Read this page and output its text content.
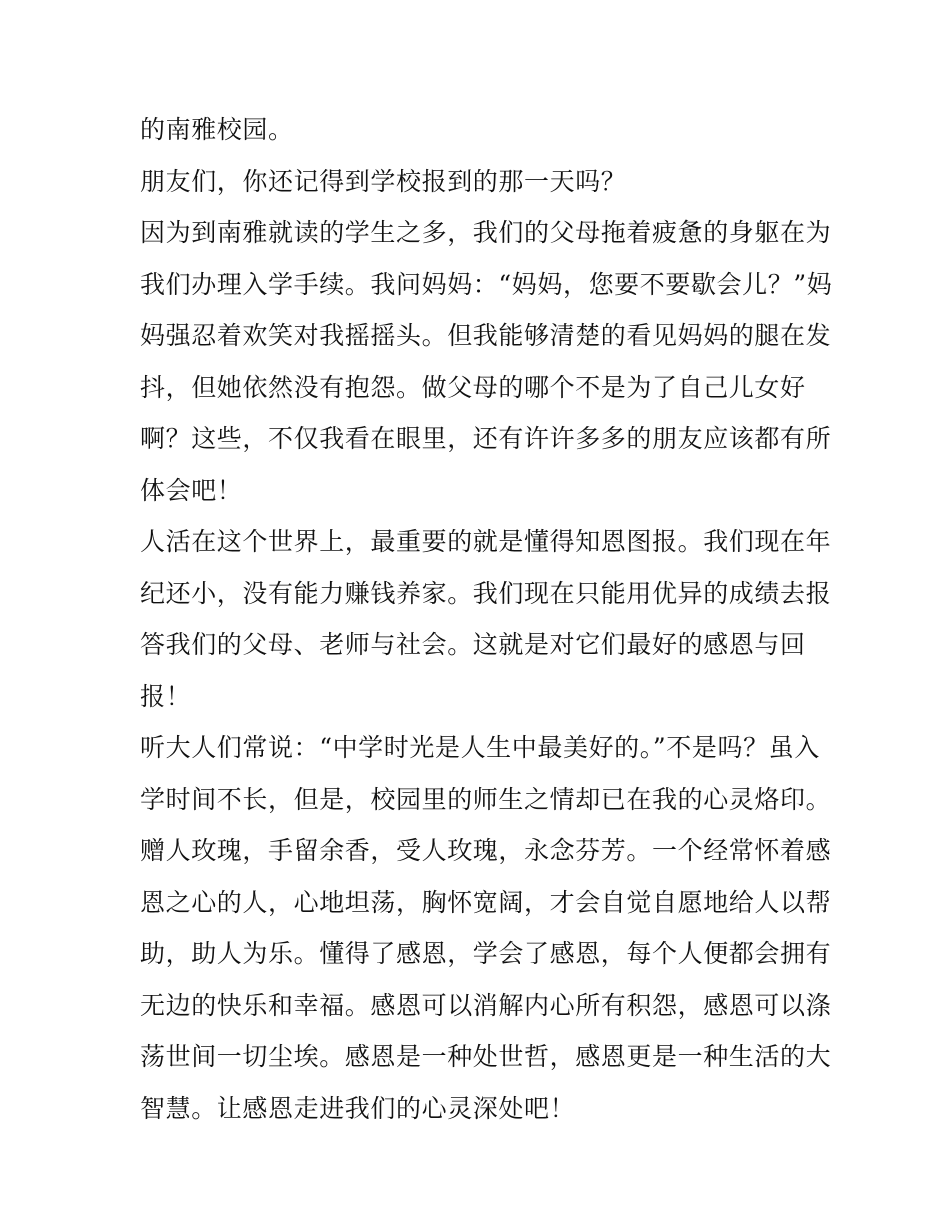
的南雅校园。
朋友们，你还记得到学校报到的那一天吗？
因为到南雅就读的学生之多，我们的父母拖着疲惫的身躯在为
我们办理入学手续。我问妈妈：“妈妈，您要不要歇会儿？”妈
妈强忍着欢笑对我摇摇头。但我能够清楚的看见妈妈的腿在发
抖，但她依然没有抱怨。做父母的哪个不是为了自己儿女好
啊？这些，不仅我看在眼里，还有许许多多的朋友应该都有所
体会吧！
人活在这个世界上，最重要的就是懂得知恩图报。我们现在年
纪还小，没有能力赚钱养家。我们现在只能用优异的成绩去报
答我们的父母、老师与社会。这就是对它们最好的感恩与回
报！
听大人们常说：“中学时光是人生中最美好的。”不是吗？虽入
学时间不长，但是，校园里的师生之情却已在我的心灵烙印。
赠人玫瑰，手留余香，受人玫瑰，永念芬芳。一个经常怀着感
恩之心的人，心地坦荡，胸怀宽阔，才会自觉自愿地给人以帮
助，助人为乐。懂得了感恩，学会了感恩，每个人便都会拥有
无边的快乐和幸福。感恩可以消解内心所有积怨，感恩可以涤
荡世间一切尘埃。感恩是一种处世哲，感恩更是一种生活的大
智慧。让感恩走进我们的心灵深处吧！
